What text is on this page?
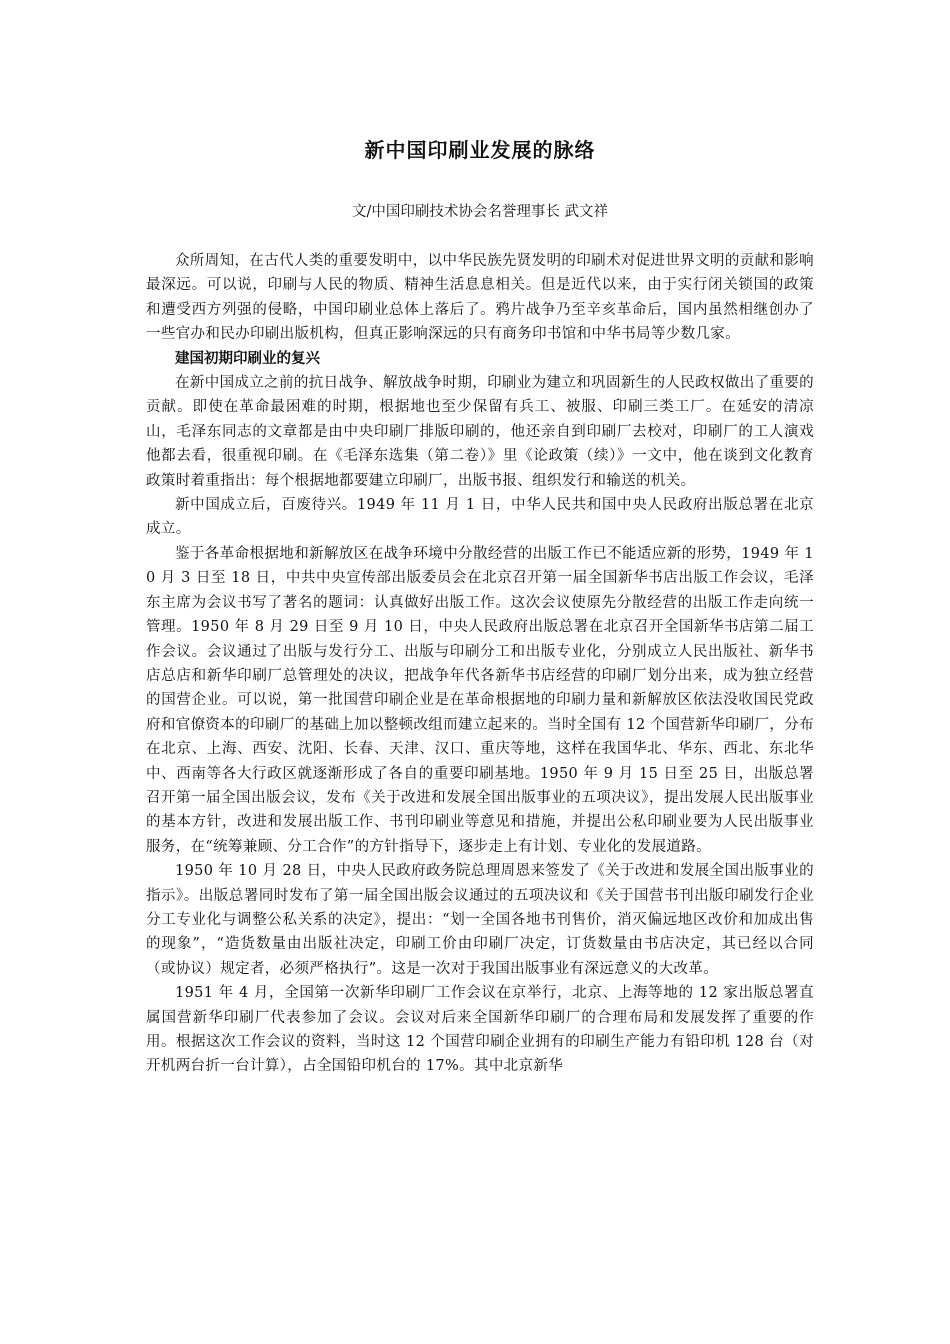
新中国印刷业发展的脉络

文/中国印刷技术协会名誉理事长 武文祥

众所周知，在古代人类的重要发明中，以中华民族先贤发明的印刷术对促进世界文明的贡献和影响最深远。可以说，印刷与人民的物质、精神生活息息相关。但是近代以来，由于实行闭关锁国的政策和遭受西方列强的侵略，中国印刷业总体上落后了。鸦片战争乃至辛亥革命后，国内虽然相继创办了一些官办和民办印刷出版机构，但真正影响深远的只有商务印书馆和中华书局等少数几家。

建国初期印刷业的复兴

在新中国成立之前的抗日战争、解放战争时期，印刷业为建立和巩固新生的人民政权做出了重要的贡献。即使在革命最困难的时期，根据地也至少保留有兵工、被服、印刷三类工厂。在延安的清凉山，毛泽东同志的文章都是由中央印刷厂排版印刷的，他还亲自到印刷厂去校对，印刷厂的工人演戏他都去看，很重视印刷。在《毛泽东选集（第二卷）》里《论政策（续）》一文中，他在谈到文化教育政策时着重指出：每个根据地都要建立印刷厂，出版书报、组织发行和输送的机关。

新中国成立后，百废待兴。1949 年 11 月 1 日，中华人民共和国中央人民政府出版总署在北京成立。

鉴于各革命根据地和新解放区在战争环境中分散经营的出版工作已不能适应新的形势，1949 年 10 月 3 日至 18 日，中共中央宣传部出版委员会在北京召开第一届全国新华书店出版工作会议，毛泽东主席为会议书写了著名的题词：认真做好出版工作。这次会议使原先分散经营的出版工作走向统一管理。1950 年 8 月 29 日至 9 月 10 日，中央人民政府出版总署在北京召开全国新华书店第二届工作会议。会议通过了出版与发行分工、出版与印刷分工和出版专业化，分别成立人民出版社、新华书店总店和新华印刷厂总管理处的决议，把战争年代各新华书店经营的印刷厂划分出来，成为独立经营的国营企业。可以说，第一批国营印刷企业是在革命根据地的印刷力量和新解放区依法没收国民党政府和官僚资本的印刷厂的基础上加以整顿改组而建立起来的。当时全国有 12 个国营新华印刷厂，分布在北京、上海、西安、沈阳、长春、天津、汉口、重庆等地，这样在我国华北、华东、西北、东北华中、西南等各大行政区就逐渐形成了各自的重要印刷基地。1950 年 9 月 15 日至 25 日，出版总署召开第一届全国出版会议，发布《关于改进和发展全国出版事业的五项决议》，提出发展人民出版事业的基本方针，改进和发展出版工作、书刊印刷业等意见和措施，并提出公私印刷业要为人民出版事业服务，在“统筹兼顾、分工合作”的方针指导下，逐步走上有计划、专业化的发展道路。

1950 年 10 月 28 日，中央人民政府政务院总理周恩来签发了《关于改进和发展全国出版事业的指示》。出版总署同时发布了第一届全国出版会议通过的五项决议和《关于国营书刊出版印刷发行企业分工专业化与调整公私关系的决定》，提出：“划一全国各地书刊售价，消灭偏远地区改价和加成出售的现象”，“造货数量由出版社决定，印刷工价由印刷厂决定，订货数量由书店决定，其已经以合同（或协议）规定者，必须严格执行”。这是一次对于我国出版事业有深远意义的大改革。

1951 年 4 月，全国第一次新华印刷厂工作会议在京举行，北京、上海等地的 12 家出版总署直属国营新华印刷厂代表参加了会议。会议对后来全国新华印刷厂的合理布局和发展发挥了重要的作用。根据这次工作会议的资料，当时这 12 个国营印刷企业拥有的印刷生产能力有铅印机 128 台（对开机两台折一台计算），占全国铅印机台的 17%。其中北京新华
